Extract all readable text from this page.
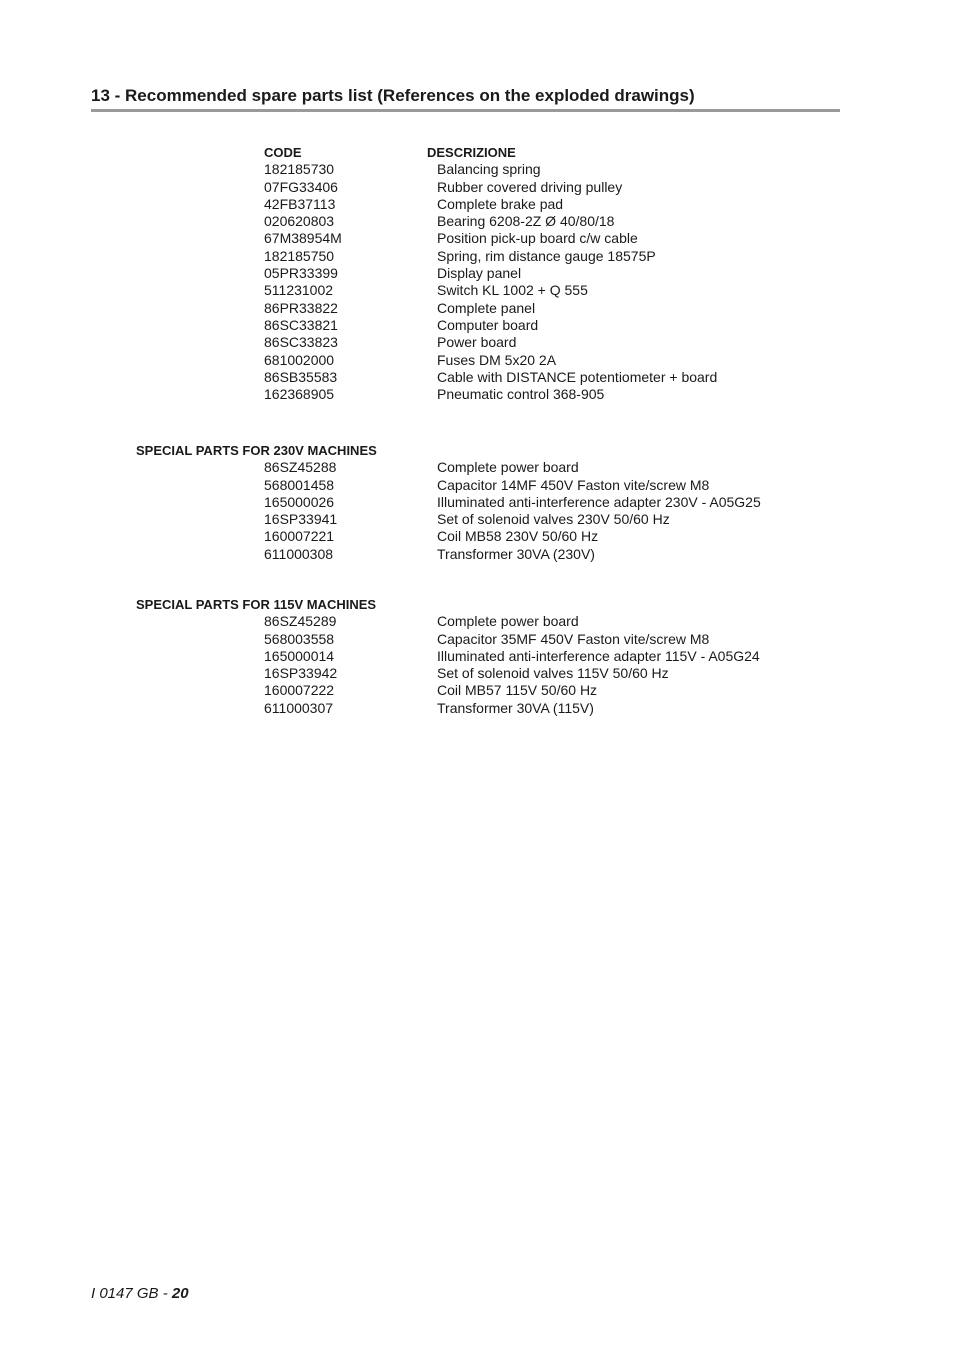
13 - Recommended spare parts list (References on the exploded drawings)
CODE	DESCRIZIONE
182185730	Balancing spring
07FG33406	Rubber covered driving pulley
42FB37113	Complete brake pad
020620803	Bearing 6208-2Z Ø 40/80/18
67M38954M	Position pick-up board c/w cable
182185750	Spring, rim distance gauge 18575P
05PR33399	Display panel
511231002	Switch KL 1002 + Q 555
86PR33822	Complete panel
86SC33821	Computer board
86SC33823	Power board
681002000	Fuses DM 5x20 2A
86SB35583	Cable with DISTANCE potentiometer + board
162368905	Pneumatic control 368-905
SPECIAL PARTS FOR 230V MACHINES
86SZ45288	Complete power board
568001458	Capacitor 14MF 450V Faston vite/screw M8
165000026	Illuminated anti-interference adapter 230V - A05G25
16SP33941	Set of solenoid valves 230V 50/60 Hz
160007221	Coil MB58 230V 50/60 Hz
611000308	Transformer 30VA (230V)
SPECIAL PARTS FOR 115V MACHINES
86SZ45289	Complete power board
568003558	Capacitor 35MF 450V Faston vite/screw M8
165000014	Illuminated anti-interference adapter 115V - A05G24
16SP33942	Set of solenoid valves 115V 50/60 Hz
160007222	Coil MB57 115V 50/60 Hz
611000307	Transformer 30VA (115V)
I 0147 GB - 20
